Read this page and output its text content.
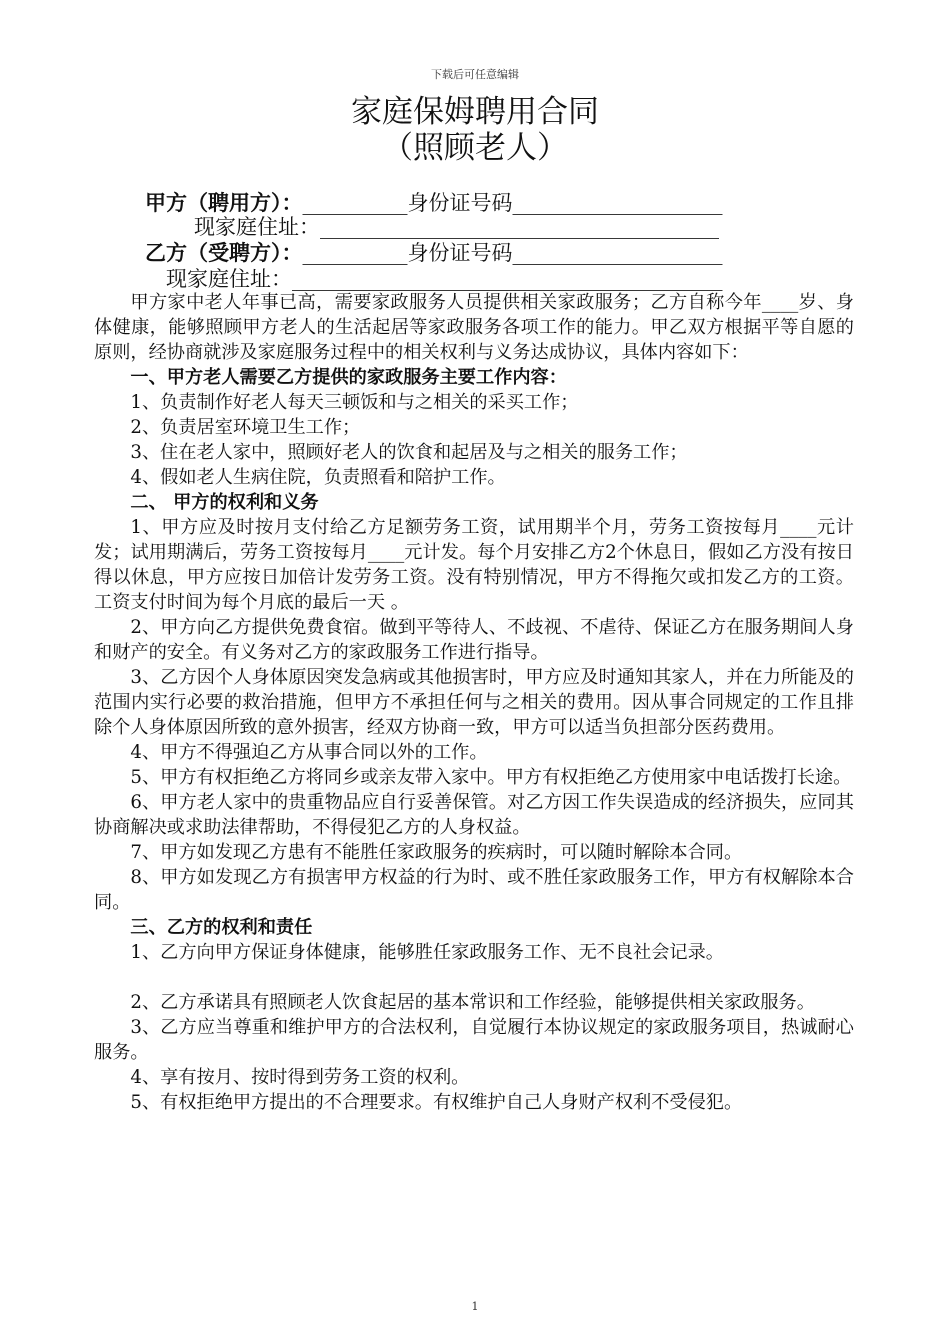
下载后可任意编辑
家庭保姆聘用合同
（照顾老人）
甲方（聘用方）：__________身份证号码____________________
现家庭住址：______________________________________
乙方（受聘方）：__________身份证号码____________________
现家庭住址：_________________________________________

甲方家中老人年事已高，需要家政服务人员提供相关家政服务；乙方自称今年____岁、身体健康，能够照顾甲方老人的生活起居等家政服务各项工作的能力。甲乙双方根据平等自愿的原则，经协商就涉及家庭服务过程中的相关权利与义务达成协议，具体内容如下：

一、甲方老人需要乙方提供的家政服务主要工作内容：

1、负责制作好老人每天三顿饭和与之相关的采买工作；

2、负责居室环境卫生工作；

3、住在老人家中，照顾好老人的饮食和起居及与之相关的服务工作；

4、假如老人生病住院，负责照看和陪护工作。

二、 甲方的权利和义务

1、甲方应及时按月支付给乙方足额劳务工资，试用期半个月，劳务工资按每月____元计发；试用期满后，劳务工资按每月____元计发。每个月安排乙方2个休息日，假如乙方没有按日得以休息，甲方应按日加倍计发劳务工资。没有特别情况，甲方不得拖欠或扣发乙方的工资。工资支付时间为每个月底的最后一天 。

2、甲方向乙方提供免费食宿。做到平等待人、不歧视、不虐待、保证乙方在服务期间人身和财产的安全。有义务对乙方的家政服务工作进行指导。

3、乙方因个人身体原因突发急病或其他损害时，甲方应及时通知其家人，并在力所能及的范围内实行必要的救治措施，但甲方不承担任何与之相关的费用。因从事合同规定的工作且排除个人身体原因所致的意外损害，经双方协商一致，甲方可以适当负担部分医药费用。

4、甲方不得强迫乙方从事合同以外的工作。

5、甲方有权拒绝乙方将同乡或亲友带入家中。甲方有权拒绝乙方使用家中电话拨打长途。

6、甲方老人家中的贵重物品应自行妥善保管。对乙方因工作失误造成的经济损失，应同其协商解决或求助法律帮助，不得侵犯乙方的人身权益。

7、甲方如发现乙方患有不能胜任家政服务的疾病时，可以随时解除本合同。

8、甲方如发现乙方有损害甲方权益的行为时、或不胜任家政服务工作，甲方有权解除本合同。

三、乙方的权利和责任

1、乙方向甲方保证身体健康，能够胜任家政服务工作、无不良社会记录。

2、乙方承诺具有照顾老人饮食起居的基本常识和工作经验，能够提供相关家政服务。

3、乙方应当尊重和维护甲方的合法权利，自觉履行本协议规定的家政服务项目，热诚耐心服务。

4、享有按月、按时得到劳务工资的权利。

5、有权拒绝甲方提出的不合理要求。有权维护自己人身财产权利不受侵犯。

1
